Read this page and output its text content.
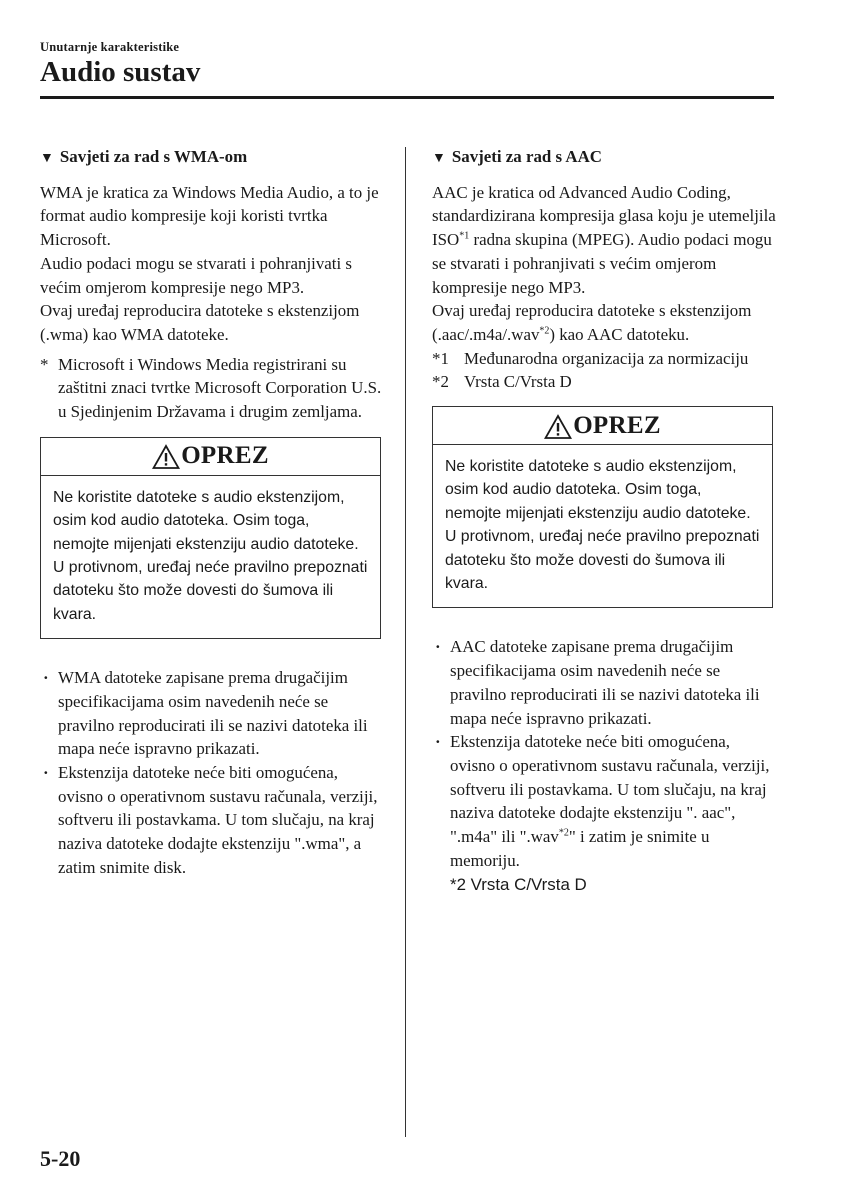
Unutarnje karakteristike
Audio sustav

▼ Savjeti za rad s WMA-om

WMA je kratica za Windows Media Audio, a to je format audio kompresije koji koristi tvrtka Microsoft.

Audio podaci mogu se stvarati i pohranjivati s većim omjerom kompresije nego MP3.

Ovaj uređaj reproducira datoteke s ekstenzijom (.wma) kao WMA datoteke.

* Microsoft i Windows Media registrirani su zaštitni znaci tvrtke Microsoft Corporation U.S. u Sjedinjenim Državama i drugim zemljama.

OPREZ

Ne koristite datoteke s audio ekstenzijom, osim kod audio datoteka. Osim toga, nemojte mijenjati ekstenziju audio datoteke. U protivnom, uređaj neće pravilno prepoznati datoteku što može dovesti do šumova ili kvara.

· WMA datoteke zapisane prema drugačijim specifikacijama osim navedenih neće se pravilno reproducirati ili se nazivi datoteka ili mapa neće ispravno prikazati.
· Ekstenzija datoteke neće biti omogućena, ovisno o operativnom sustavu računala, verziji, softveru ili postavkama. U tom slučaju, na kraj naziva datoteke dodajte ekstenziju ".wma", a zatim snimite disk.

▼ Savjeti za rad s AAC

AAC je kratica od Advanced Audio Coding, standardizirana kompresija glasa koju je utemeljila ISO$^{*1}$ radna skupina (MPEG). Audio podaci mogu se stvarati i pohranjivati s većim omjerom kompresije nego MP3.

Ovaj uređaj reproducira datoteke s ekstenzijom (.aac/.m4a/.wav$^{*2}$) kao AAC datoteku.

*1 Međunarodna organizacija za normizaciju

*2 Vrsta C/Vrsta D

OPREZ

Ne koristite datoteke s audio ekstenzijom, osim kod audio datoteka. Osim toga, nemojte mijenjati ekstenziju audio datoteke. U protivnom, uređaj neće pravilno prepoznati datoteku što može dovesti do šumova ili kvara.

· AAC datoteke zapisane prema drugačijim specifikacijama osim navedenih neće se pravilno reproducirati ili se nazivi datoteka ili mapa neće ispravno prikazati.
· Ekstenzija datoteke neće biti omogućena, ovisno o operativnom sustavu računala, verziji, softveru ili postavkama. U tom slučaju, na kraj naziva datoteke dodajte ekstenziju ". aac", ".m4a" ili ".wav$^{*2}$" i zatim je snimite u memoriju.
*2 Vrsta C/Vrsta D
5-20
